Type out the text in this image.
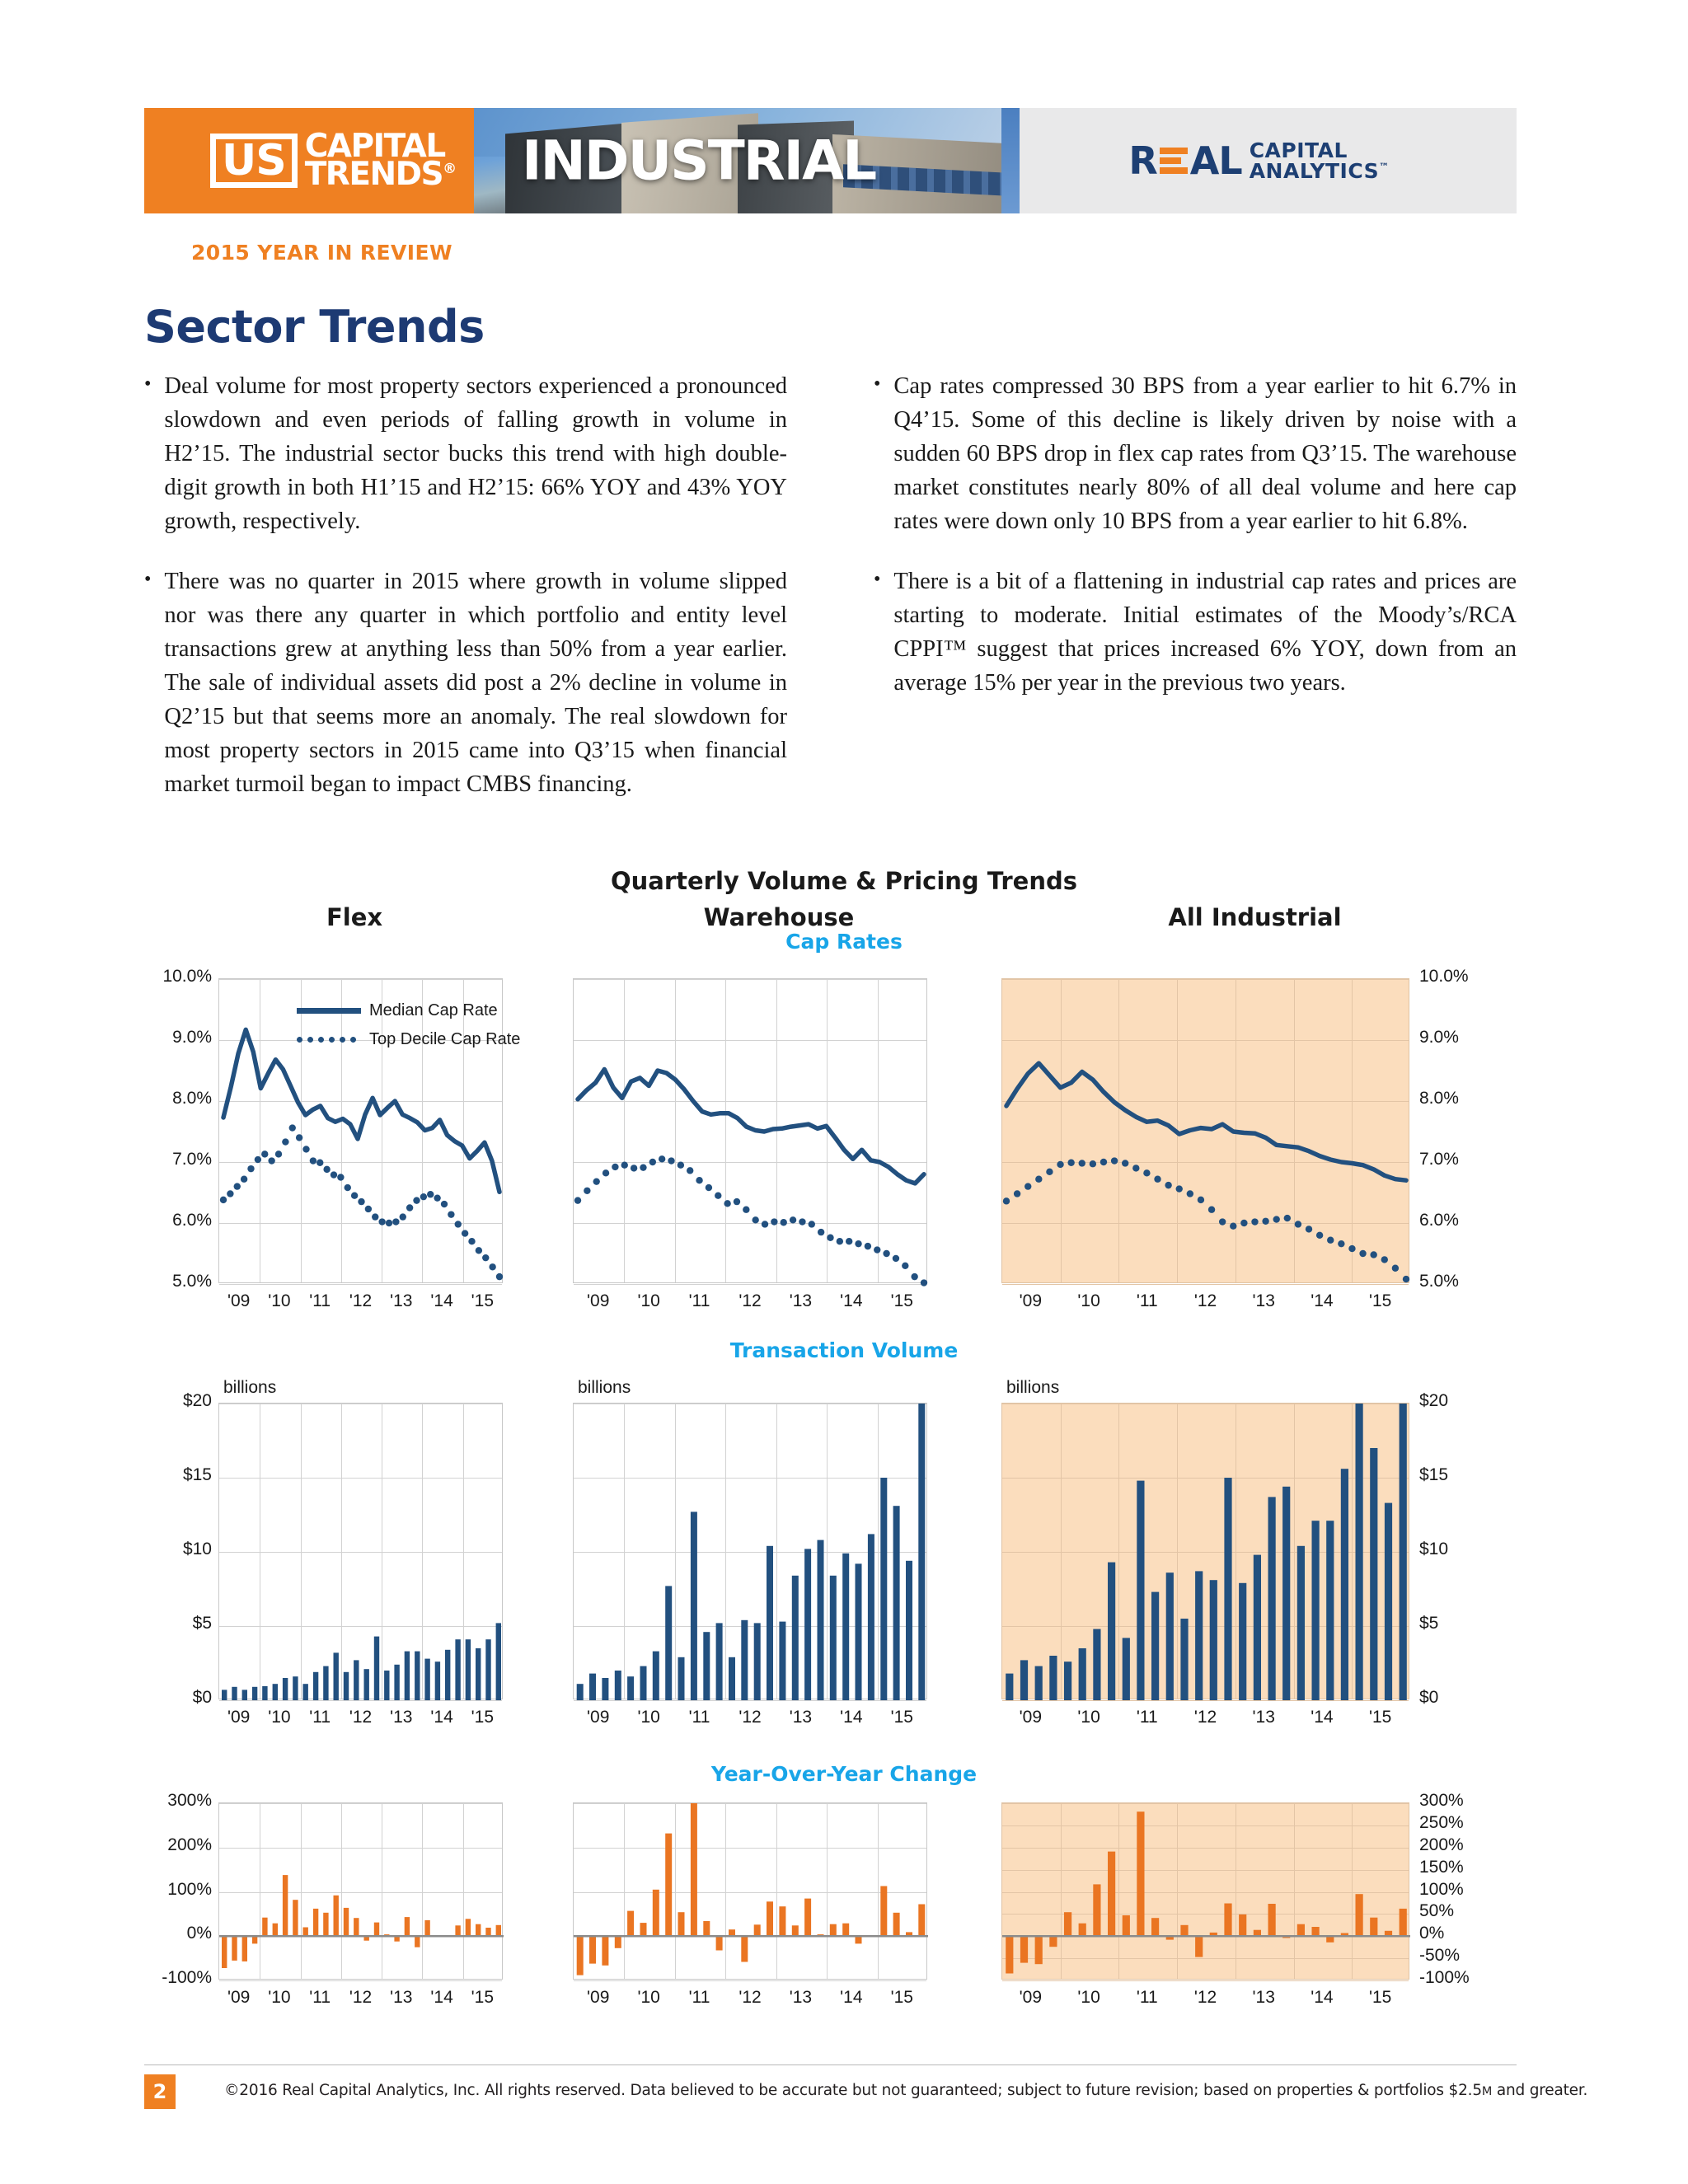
US CAPITAL
TRENDS® INDUSTRIAL	R AL CAPITAL
ANALYTICS™
2015 YEAR IN REVIEW
Sector Trends
• Deal volume for most property sectors experienced a pronounced slowdown and even periods of falling growth in volume in H2’15. The industrial sector bucks this trend with high double-digit growth in both H1’15 and H2’15: 66% YOY and 43% YOY growth, respectively.

• There was no quarter in 2015 where growth in volume slipped nor was there any quarter in which portfolio and entity level transactions grew at anything less than 50% from a year earlier. The sale of individual assets did post a 2% decline in volume in Q2’15 but that seems more an anomaly. The real slowdown for most property sectors in 2015 came into Q3’15 when financial market turmoil began to impact CMBS financing.

• Cap rates compressed 30 BPS from a year earlier to hit 6.7% in Q4’15. Some of this decline is likely driven by noise with a sudden 60 BPS drop in flex cap rates from Q3’15. The warehouse market constitutes nearly 80% of all deal volume and here cap rates were down only 10 BPS from a year earlier to hit 6.8%.

• There is a bit of a flattening in industrial cap rates and prices are starting to moderate. Initial estimates of the Moody’s/RCA CPPI™ suggest that prices increased 6% YOY, down from an average 15% per year in the previous two years.

Quarterly Volume & Pricing Trends
Flex	Warehouse	All Industrial
Cap Rates
Transaction Volume
Year-Over-Year Change
10.0%
9.0%
8.0%
7.0%
6.0%
5.0%
'09 '10 '11 '12 '13 '14 '15
Median Cap Rate
Top Decile Cap Rate
'09 '10 '11 '12 '13 '14 '15
10.0%
9.0%
8.0%
7.0%
6.0%
5.0%
'09 '10 '11 '12 '13 '14 '15
$20
$15
$10
$5
$0
billions
'09 '10 '11 '12 '13 '14 '15
billions
'09 '10 '11 '12 '13 '14 '15
$20
$15
$10
$5
$0
billions
'09 '10 '11 '12 '13 '14 '15
300%
200%
100%
0%
-100%
'09 '10 '11 '12 '13 '14 '15	'09 '10 '11 '12 '13 '14 '15
300%
250%
200%
150%
100%
50%
0%
-50%
-100%
'09 '10 '11 '12 '13 '14 '15
2	©2016 Real Capital Analytics, Inc. All rights reserved. Data believed to be accurate but not guaranteed; subject to future revision; based on properties & portfolios $2.5M and greater.
